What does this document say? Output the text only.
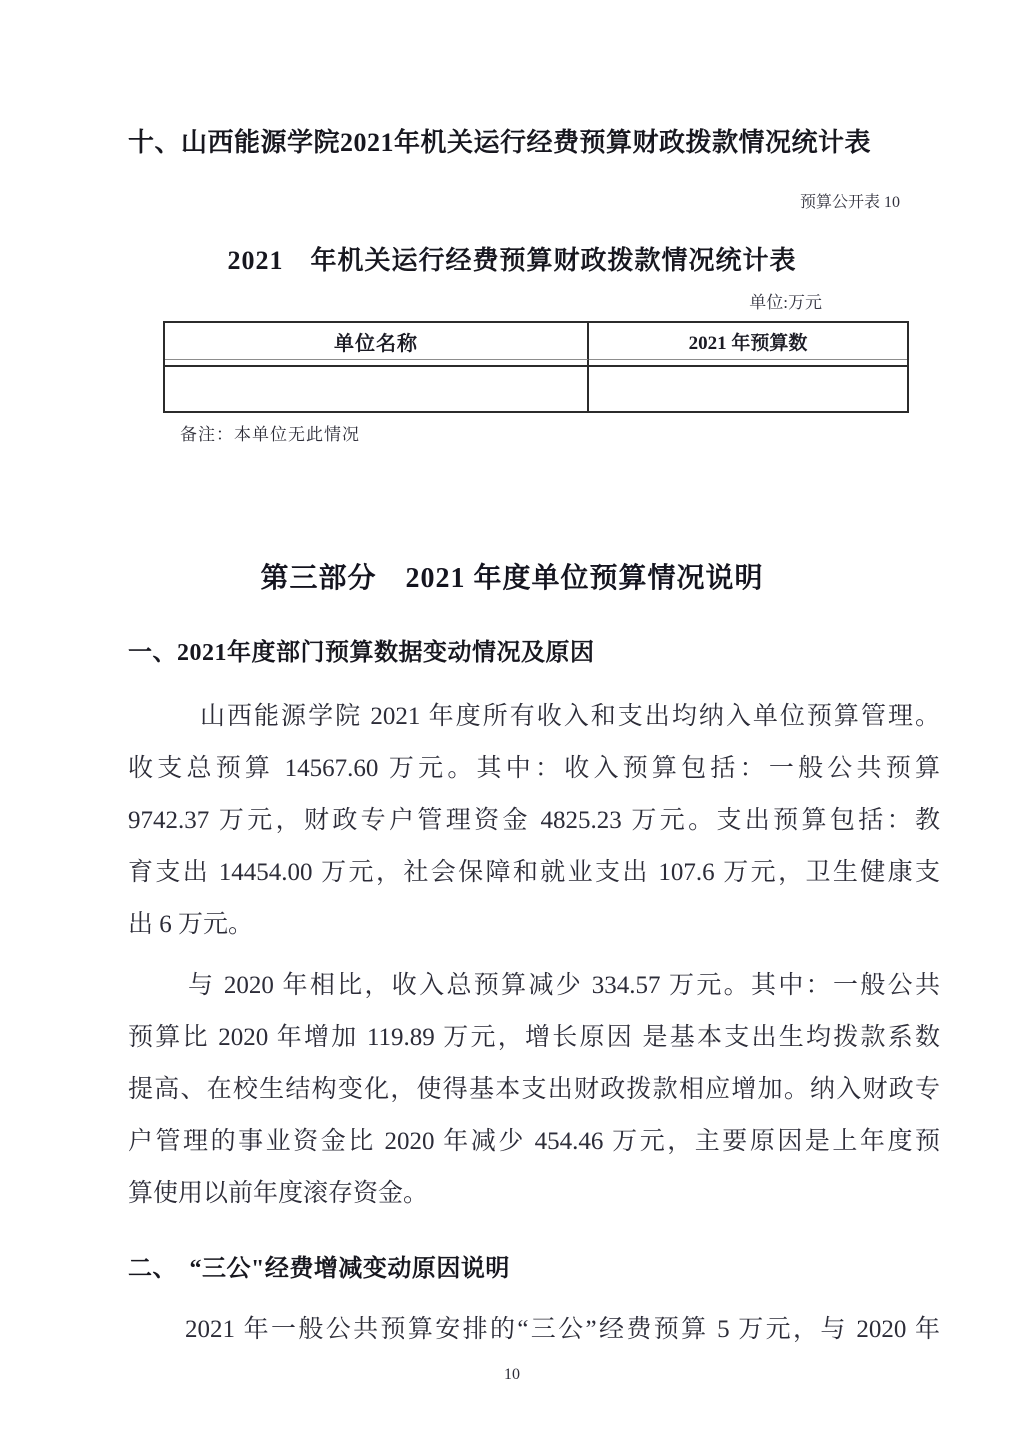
十、山西能源学院2021年机关运行经费预算财政拨款情况统计表
预算公开表 10
2021　年机关运行经费预算财政拨款情况统计表
单位:万元
单位名称	2021 年预算数
备注：本单位无此情况
第三部分　2021 年度单位预算情况说明
一、2021年度部门预算数据变动情况及原因
山西能源学院 2021 年度所有收入和支出均纳入单位预算管理。
收支总预算 14567.60 万元。其中：收入预算包括：一般公共预算
9742.37 万元，财政专户管理资金 4825.23 万元。支出预算包括：教
育支出 14454.00 万元，社会保障和就业支出 107.6 万元，卫生健康支
出 6 万元。
与 2020 年相比，收入总预算减少 334.57 万元。其中：一般公共
预算比 2020 年增加 119.89 万元，增长原因 是基本支出生均拨款系数
提高、在校生结构变化，使得基本支出财政拨款相应增加。纳入财政专
户管理的事业资金比 2020 年减少 454.46 万元，主要原因是上年度预
算使用以前年度滚存资金。
二、　“三公"经费增减变动原因说明
2021 年一般公共预算安排的“三公”经费预算 5 万元，与 2020 年
10
